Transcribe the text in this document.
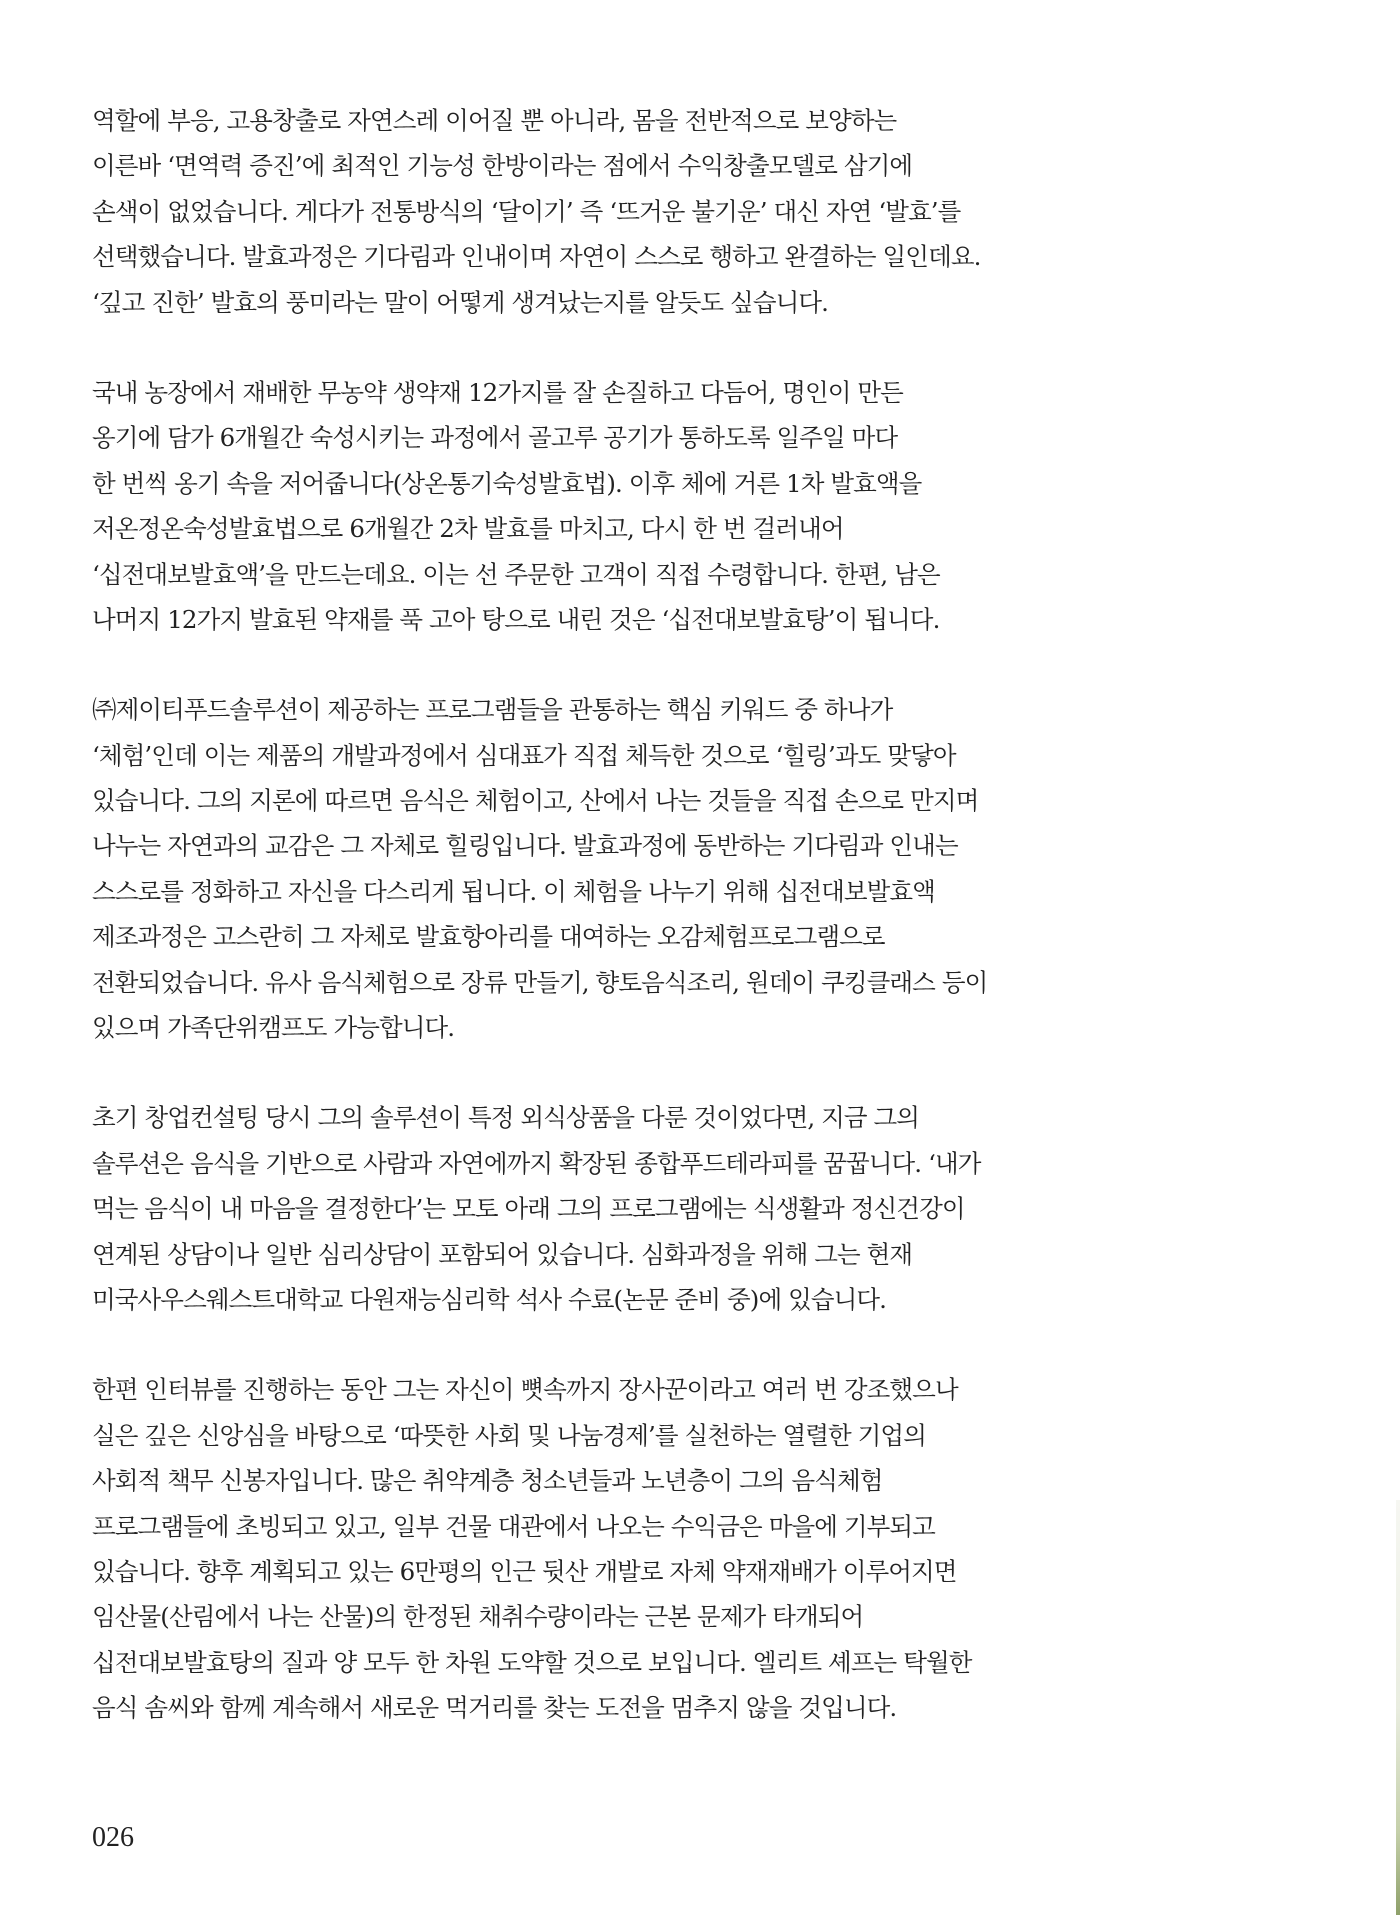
역할에 부응, 고용창출로 자연스레 이어질 뿐 아니라, 몸을 전반적으로 보양하는
이른바 ‘면역력 증진’에 최적인 기능성 한방이라는 점에서 수익창출모델로 삼기에
손색이 없었습니다. 게다가 전통방식의 ‘달이기’ 즉 ‘뜨거운 불기운’ 대신 자연 ‘발효’를
선택했습니다. 발효과정은 기다림과 인내이며 자연이 스스로 행하고 완결하는 일인데요.
‘깊고 진한’ 발효의 풍미라는 말이 어떻게 생겨났는지를 알듯도 싶습니다.

국내 농장에서 재배한 무농약 생약재 12가지를 잘 손질하고 다듬어, 명인이 만든
옹기에 담가 6개월간 숙성시키는 과정에서 골고루 공기가 통하도록 일주일 마다
한 번씩 옹기 속을 저어줍니다(상온통기숙성발효법). 이후 체에 거른 1차 발효액을
저온정온숙성발효법으로 6개월간 2차 발효를 마치고, 다시 한 번 걸러내어
‘십전대보발효액’을 만드는데요. 이는 선 주문한 고객이 직접 수령합니다. 한편, 남은
나머지 12가지 발효된 약재를 푹 고아 탕으로 내린 것은 ‘십전대보발효탕’이 됩니다.

㈜제이티푸드솔루션이 제공하는 프로그램들을 관통하는 핵심 키워드 중 하나가
‘체험’인데 이는 제품의 개발과정에서 심대표가 직접 체득한 것으로 ‘힐링’과도 맞닿아
있습니다. 그의 지론에 따르면 음식은 체험이고, 산에서 나는 것들을 직접 손으로 만지며
나누는 자연과의 교감은 그 자체로 힐링입니다. 발효과정에 동반하는 기다림과 인내는
스스로를 정화하고 자신을 다스리게 됩니다. 이 체험을 나누기 위해 십전대보발효액
제조과정은 고스란히 그 자체로 발효항아리를 대여하는 오감체험프로그램으로
전환되었습니다. 유사 음식체험으로 장류 만들기, 향토음식조리, 원데이 쿠킹클래스 등이
있으며 가족단위캠프도 가능합니다.

초기 창업컨설팅 당시 그의 솔루션이 특정 외식상품을 다룬 것이었다면, 지금 그의
솔루션은 음식을 기반으로 사람과 자연에까지 확장된 종합푸드테라피를 꿈꿉니다. ‘내가
먹는 음식이 내 마음을 결정한다’는 모토 아래 그의 프로그램에는 식생활과 정신건강이
연계된 상담이나 일반 심리상담이 포함되어 있습니다. 심화과정을 위해 그는 현재
미국사우스웨스트대학교 다원재능심리학 석사 수료(논문 준비 중)에 있습니다.

한편 인터뷰를 진행하는 동안 그는 자신이 뼛속까지 장사꾼이라고 여러 번 강조했으나
실은 깊은 신앙심을 바탕으로 ‘따뜻한 사회 및 나눔경제’를 실천하는 열렬한 기업의
사회적 책무 신봉자입니다. 많은 취약계층 청소년들과 노년층이 그의 음식체험
프로그램들에 초빙되고 있고, 일부 건물 대관에서 나오는 수익금은 마을에 기부되고
있습니다. 향후 계획되고 있는 6만평의 인근 뒷산 개발로 자체 약재재배가 이루어지면
임산물(산림에서 나는 산물)의 한정된 채취수량이라는 근본 문제가 타개되어
십전대보발효탕의 질과 양 모두 한 차원 도약할 것으로 보입니다. 엘리트 셰프는 탁월한
음식 솜씨와 함께 계속해서 새로운 먹거리를 찾는 도전을 멈추지 않을 것입니다.

026
